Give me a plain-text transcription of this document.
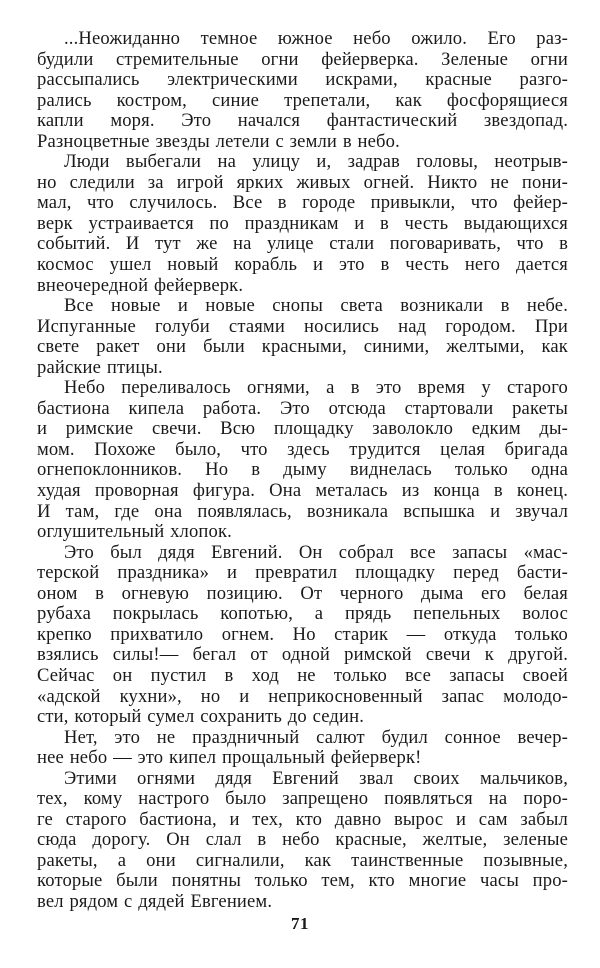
...Неожиданно темное южное небо ожило. Его раз-
будили стремительные огни фейерверка. Зеленые огни
рассыпались электрическими искрами, красные разго-
рались костром, синие трепетали, как фосфорящиеся
капли моря. Это начался фантастический звездопад.
Разноцветные звезды летели с земли в небо.
Люди выбегали на улицу и, задрав головы, неотрыв-
но следили за игрой ярких живых огней. Никто не пони-
мал, что случилось. Все в городе привыкли, что фейер-
верк устраивается по праздникам и в честь выдающихся
событий. И тут же на улице стали поговаривать, что в
космос ушел новый корабль и это в честь него дается
внеочередной фейерверк.
Все новые и новые снопы света возникали в небе.
Испуганные голуби стаями носились над городом. При
свете ракет они были красными, синими, желтыми, как
райские птицы.
Небо переливалось огнями, а в это время у старого
бастиона кипела работа. Это отсюда стартовали ракеты
и римские свечи. Всю площадку заволокло едким ды-
мом. Похоже было, что здесь трудится целая бригада
огнепоклонников. Но в дыму виднелась только одна
худая проворная фигура. Она металась из конца в конец.
И там, где она появлялась, возникала вспышка и звучал
оглушительный хлопок.
Это был дядя Евгений. Он собрал все запасы «мас-
терской праздника» и превратил площадку перед басти-
оном в огневую позицию. От черного дыма его белая
рубаха покрылась копотью, а прядь пепельных волос
крепко прихватило огнем. Но старик — откуда только
взялись силы!— бегал от одной римской свечи к другой.
Сейчас он пустил в ход не только все запасы своей
«адской кухни», но и неприкосновенный запас молодо-
сти, который сумел сохранить до седин.
Нет, это не праздничный салют будил сонное вечер-
нее небо — это кипел прощальный фейерверк!
Этими огнями дядя Евгений звал своих мальчиков,
тех, кому настрого было запрещено появляться на поро-
ге старого бастиона, и тех, кто давно вырос и сам забыл
сюда дорогу. Он слал в небо красные, желтые, зеленые
ракеты, а они сигналили, как таинственные позывные,
которые были понятны только тем, кто многие часы про-
вел рядом с дядей Евгением.
71
